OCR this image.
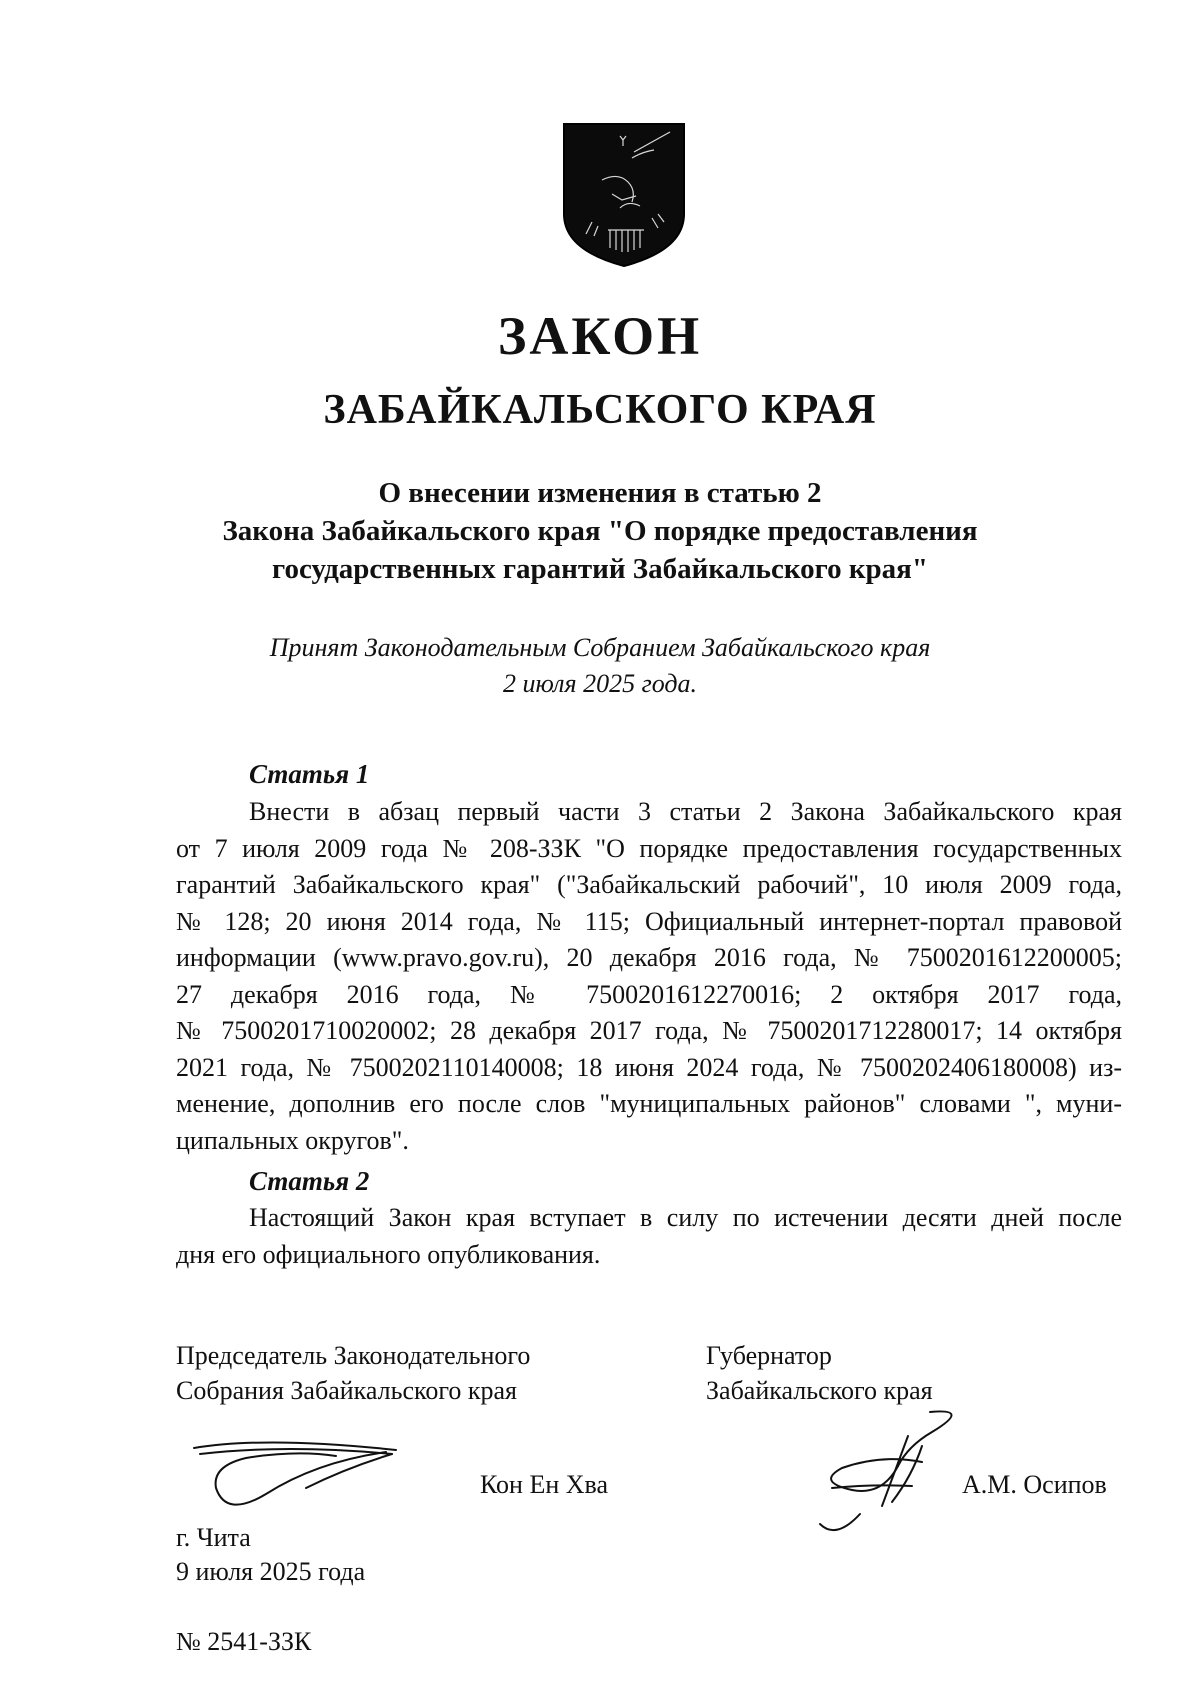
ЗАКОН
ЗАБАЙКАЛЬСКОГО КРАЯ
О внесении изменения в статью 2
Закона Забайкальского края "О порядке предоставления
государственных гарантий Забайкальского края"
Принят Законодательным Собранием Забайкальского края
2 июля 2025 года.
Статья 1
Внести в абзац первый части 3 статьи 2 Закона Забайкальского края
от 7 июля 2009 года № 208-ЗЗК "О порядке предоставления государственных
гарантий Забайкальского края" ("Забайкальский рабочий", 10 июля 2009 года,
№ 128; 20 июня 2014 года, № 115; Официальный интернет-портал правовой
информации (www.pravo.gov.ru), 20 декабря 2016 года, № 7500201612200005;
27 декабря 2016 года, № 7500201612270016; 2 октября 2017 года,
№ 7500201710020002; 28 декабря 2017 года, № 7500201712280017; 14 октября
2021 года, № 7500202110140008; 18 июня 2024 года, № 7500202406180008) из-
менение, дополнив его после слов "муниципальных районов" словами ", муни-
ципальных округов".
Статья 2
Настоящий Закон края вступает в силу по истечении десяти дней после
дня его официального опубликования.
Председатель Законодательного
Собрания Забайкальского края
Губернатор
Забайкальского края
Кон Ен Хва	А.М. Осипов
г. Чита
9 июля 2025 года
№ 2541-ЗЗК
